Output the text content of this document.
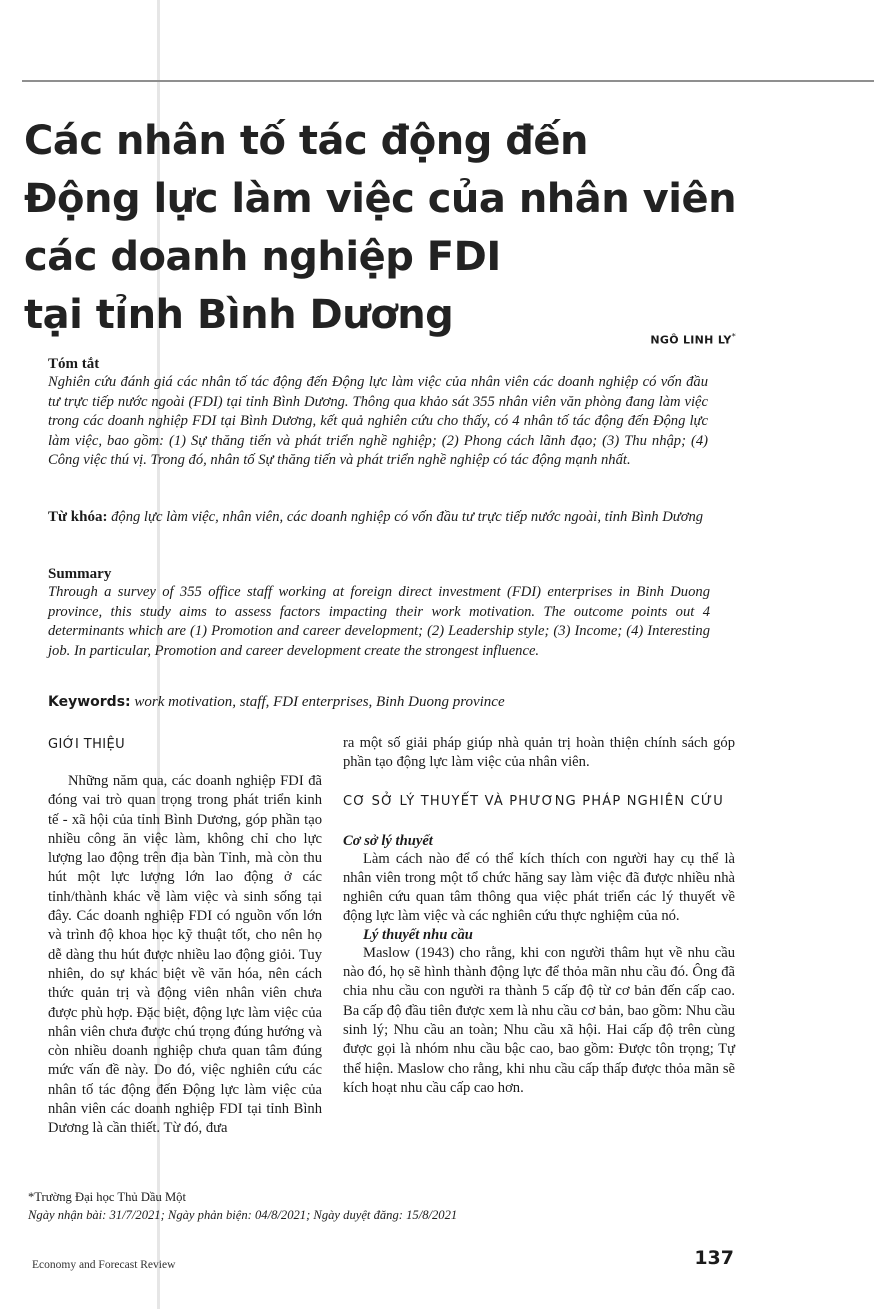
Các nhân tố tác động đến
Động lực làm việc của nhân viên
các doanh nghiệp FDI
tại tỉnh Bình Dương
NGÔ LINH LY*
Tóm tắt
Nghiên cứu đánh giá các nhân tố tác động đến Động lực làm việc của nhân viên các doanh nghiệp có vốn đầu tư trực tiếp nước ngoài (FDI) tại tỉnh Bình Dương. Thông qua khảo sát 355 nhân viên văn phòng đang làm việc trong các doanh nghiệp FDI tại Bình Dương, kết quả nghiên cứu cho thấy, có 4 nhân tố tác động đến Động lực làm việc, bao gồm: (1) Sự thăng tiến và phát triển nghề nghiệp; (2) Phong cách lãnh đạo; (3) Thu nhập; (4) Công việc thú vị. Trong đó, nhân tố Sự thăng tiến và phát triển nghề nghiệp có tác động mạnh nhất.
Từ khóa: động lực làm việc, nhân viên, các doanh nghiệp có vốn đầu tư trực tiếp nước ngoài, tỉnh Bình Dương
Summary
Through a survey of 355 office staff working at foreign direct investment (FDI) enterprises in Binh Duong province, this study aims to assess factors impacting their work motivation. The outcome points out 4 determinants which are (1) Promotion and career development; (2) Leadership style; (3) Income; (4) Interesting job. In particular, Promotion and career development create the strongest influence.
Keywords: work motivation, staff, FDI enterprises, Binh Duong province
GIỚI THIỆU

Những năm qua, các doanh nghiệp FDI đã đóng vai trò quan trọng trong phát triển kinh tế - xã hội của tỉnh Bình Dương, góp phần tạo nhiều công ăn việc làm, không chỉ cho lực lượng lao động trên địa bàn Tỉnh, mà còn thu hút một lực lượng lớn lao động ở các tỉnh/thành khác về làm việc và sinh sống tại đây. Các doanh nghiệp FDI có nguồn vốn lớn và trình độ khoa học kỹ thuật tốt, cho nên họ dễ dàng thu hút được nhiều lao động giỏi. Tuy nhiên, do sự khác biệt về văn hóa, nên cách thức quản trị và động viên nhân viên chưa được phù hợp. Đặc biệt, động lực làm việc của nhân viên chưa được chú trọng đúng hướng và còn nhiều doanh nghiệp chưa quan tâm đúng mức vấn đề này. Do đó, việc nghiên cứu các nhân tố tác động đến Động lực làm việc của nhân viên các doanh nghiệp FDI tại tỉnh Bình Dương là cần thiết. Từ đó, đưa

ra một số giải pháp giúp nhà quản trị hoàn thiện chính sách góp phần tạo động lực làm việc của nhân viên.

CƠ SỞ LÝ THUYẾT VÀ PHƯƠNG PHÁP NGHIÊN CỨU
Cơ sở lý thuyết

Làm cách nào để có thể kích thích con người hay cụ thể là nhân viên trong một tổ chức hăng say làm việc đã được nhiều nhà nghiên cứu quan tâm thông qua việc phát triển các lý thuyết về động lực làm việc và các nghiên cứu thực nghiệm của nó.

Lý thuyết nhu cầu

Maslow (1943) cho rằng, khi con người thâm hụt về nhu cầu nào đó, họ sẽ hình thành động lực để thỏa mãn nhu cầu đó. Ông đã chia nhu cầu con người ra thành 5 cấp độ từ cơ bản đến cấp cao. Ba cấp độ đầu tiên được xem là nhu cầu cơ bản, bao gồm: Nhu cầu sinh lý; Nhu cầu an toàn; Nhu cầu xã hội. Hai cấp độ trên cùng được gọi là nhóm nhu cầu bậc cao, bao gồm: Được tôn trọng; Tự thể hiện. Maslow cho rằng, khi nhu cầu cấp thấp được thỏa mãn sẽ kích hoạt nhu cầu cấp cao hơn.

*Trường Đại học Thủ Dầu Một
Ngày nhận bài: 31/7/2021; Ngày phản biện: 04/8/2021; Ngày duyệt đăng: 15/8/2021
Economy and Forecast Review	137
